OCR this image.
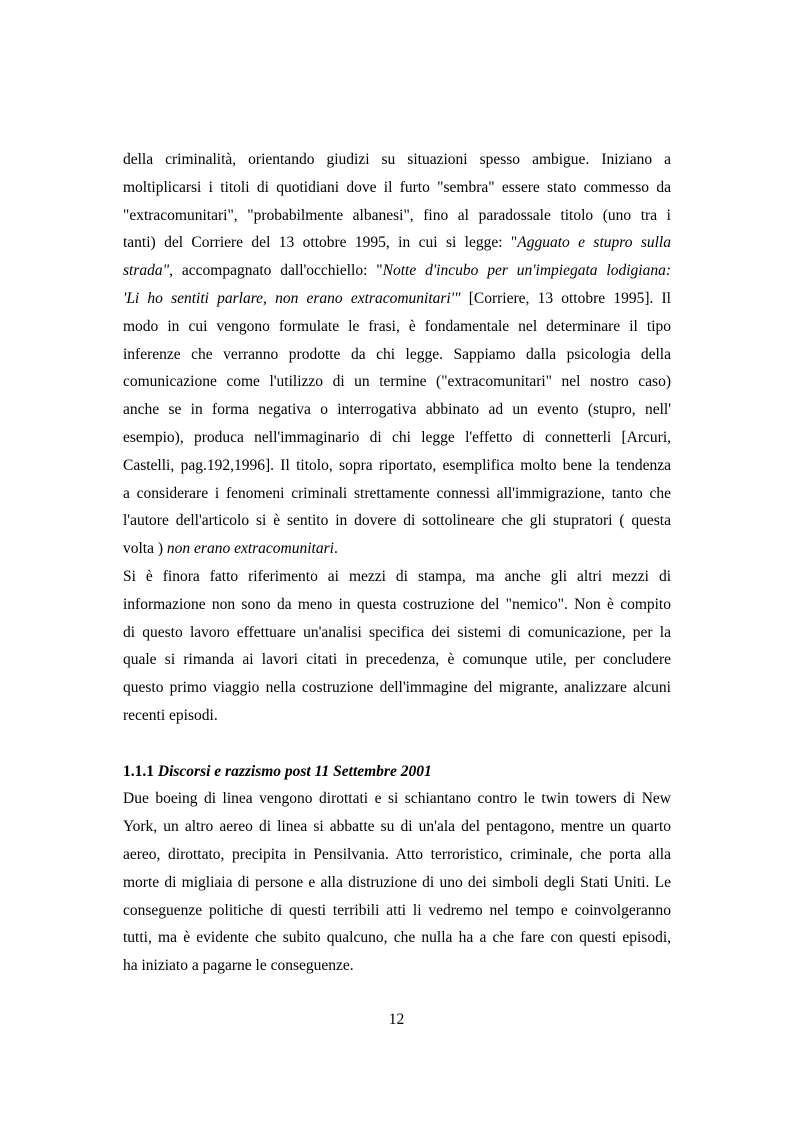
della criminalità, orientando giudizi su situazioni spesso ambigue. Iniziano a
moltiplicarsi i titoli di quotidiani dove il furto "sembra" essere stato commesso da
"extracomunitari", "probabilmente albanesi", fino al paradossale titolo (uno tra i
tanti) del Corriere del 13 ottobre 1995, in cui si legge: "Agguato e stupro sulla
strada", accompagnato dall'occhiello: "Notte d'incubo per un'impiegata lodigiana:
'Li ho sentiti parlare, non erano extracomunitari'" [Corriere, 13 ottobre 1995]. Il
modo in cui vengono formulate le frasi, è fondamentale nel determinare il tipo
inferenze che verranno prodotte da chi legge. Sappiamo dalla psicologia della
comunicazione come l'utilizzo di un termine ("extracomunitari" nel nostro caso)
anche se in forma negativa o interrogativa abbinato ad un evento (stupro, nell'
esempio), produca nell'immaginario di chi legge l'effetto di connetterli [Arcuri,
Castelli, pag.192,1996]. Il titolo, sopra riportato, esemplifica molto bene la tendenza
a considerare i fenomeni criminali strettamente connessi all'immigrazione, tanto che
l'autore dell'articolo si è sentito in dovere di sottolineare che gli stupratori ( questa
volta ) non erano extracomunitari.
Si è finora fatto riferimento ai mezzi di stampa, ma anche gli altri mezzi di
informazione non sono da meno in questa costruzione del "nemico". Non è compito
di questo lavoro effettuare un'analisi specifica dei sistemi di comunicazione, per la
quale si rimanda ai lavori citati in precedenza, è comunque utile, per concludere
questo primo viaggio nella costruzione dell'immagine del migrante, analizzare alcuni
recenti episodi.
1.1.1 Discorsi e razzismo post 11 Settembre 2001
Due boeing di linea vengono dirottati e si schiantano contro le twin towers di New
York, un altro aereo di linea si abbatte su di un'ala del pentagono, mentre un quarto
aereo, dirottato, precipita in Pensilvania. Atto terroristico, criminale, che porta alla
morte di migliaia di persone e alla distruzione di uno dei simboli degli Stati Uniti. Le
conseguenze politiche di questi terribili atti li vedremo nel tempo e coinvolgeranno
tutti, ma è evidente che subito qualcuno, che nulla ha a che fare con questi episodi,
ha iniziato a pagarne le conseguenze.
12
